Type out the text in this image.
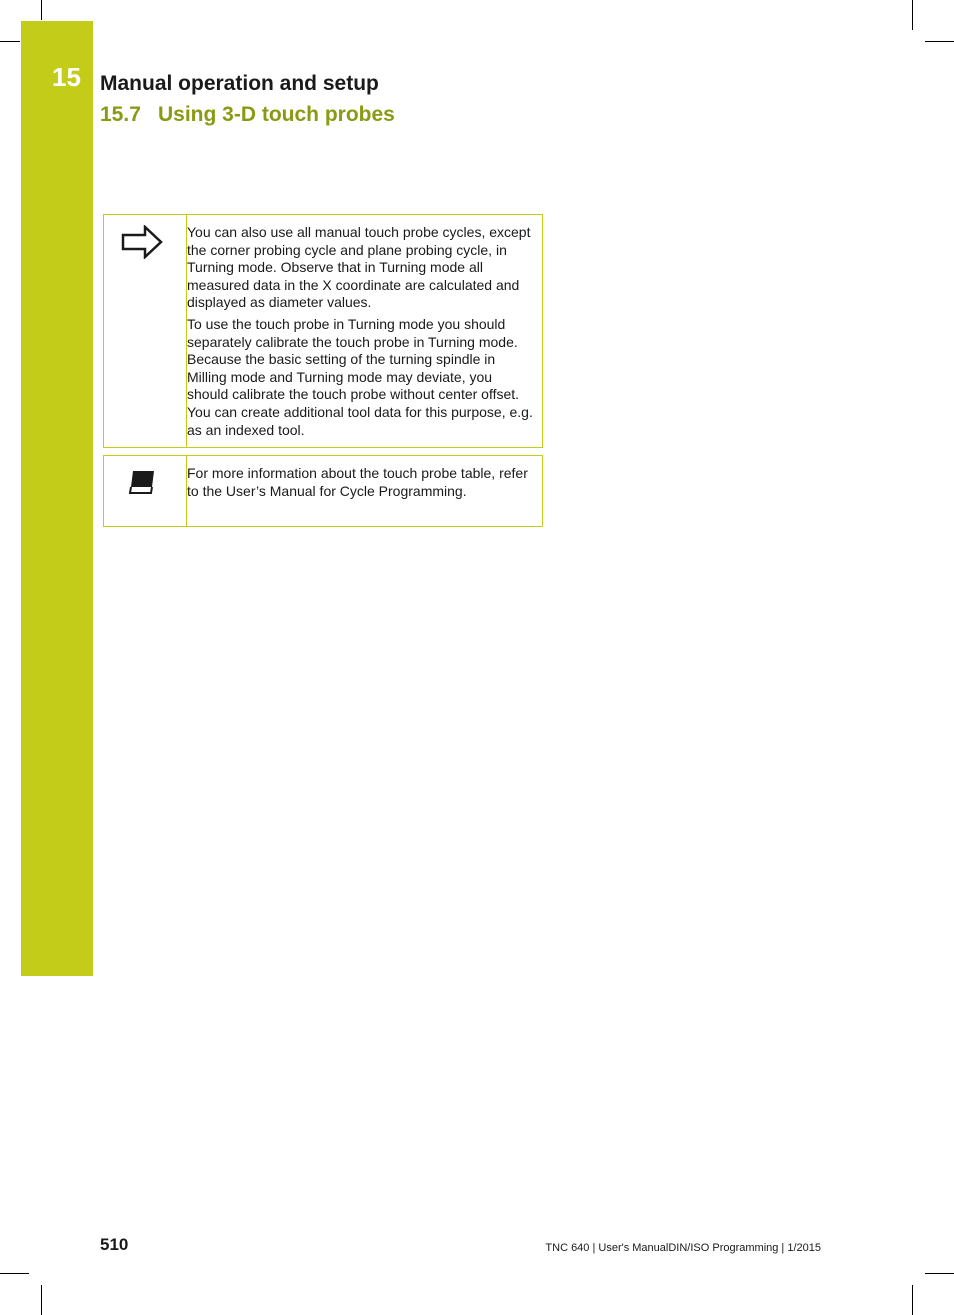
15 Manual operation and setup
15.7 Using 3-D touch probes

You can also use all manual touch probe cycles, except the corner probing cycle and plane probing cycle, in Turning mode. Observe that in Turning mode all measured data in the X coordinate are calculated and displayed as diameter values.

To use the touch probe in Turning mode you should separately calibrate the touch probe in Turning mode. Because the basic setting of the turning spindle in Milling mode and Turning mode may deviate, you should calibrate the touch probe without center offset. You can create additional tool data for this purpose, e.g. as an indexed tool.

For more information about the touch probe table, refer to the User’s Manual for Cycle Programming.

510	TNC 640 | User's ManualDIN/ISO Programming | 1/2015
